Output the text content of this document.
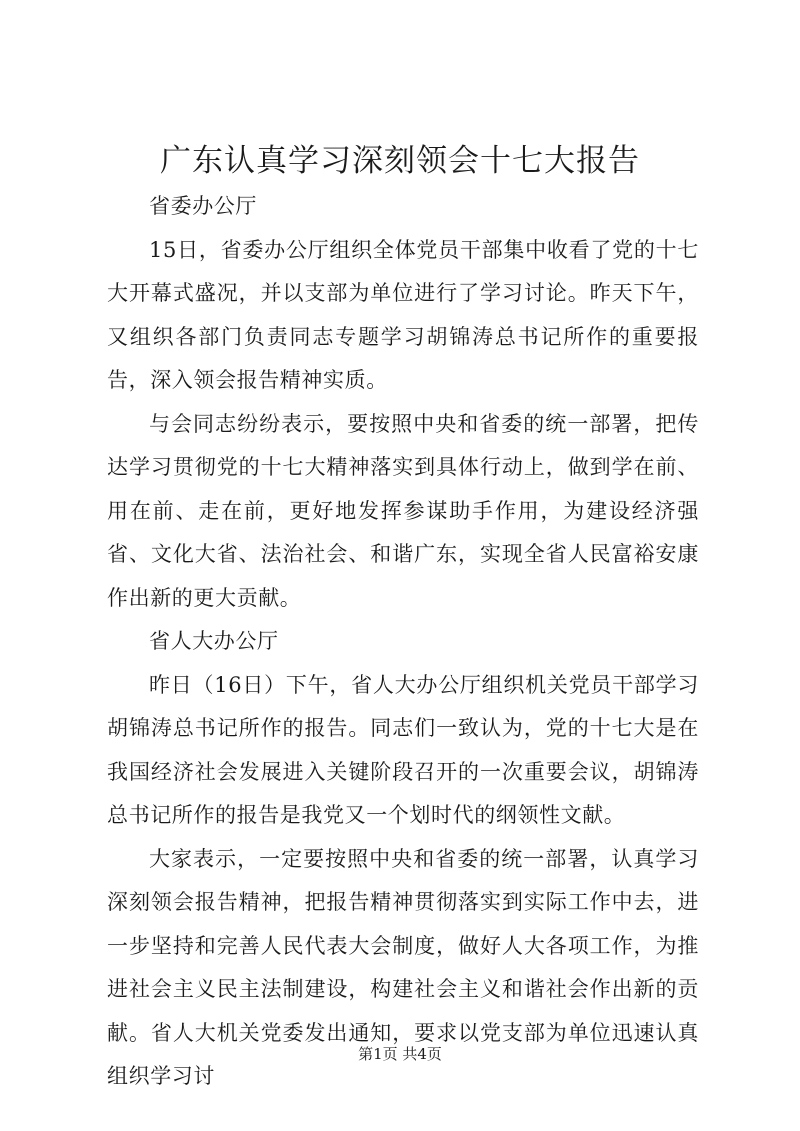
广东认真学习深刻领会十七大报告

省委办公厅

15日，省委办公厅组织全体党员干部集中收看了党的十七大开幕式盛况，并以支部为单位进行了学习讨论。昨天下午，又组织各部门负责同志专题学习胡锦涛总书记所作的重要报告，深入领会报告精神实质。

与会同志纷纷表示，要按照中央和省委的统一部署，把传达学习贯彻党的十七大精神落实到具体行动上，做到学在前、用在前、走在前，更好地发挥参谋助手作用，为建设经济强省、文化大省、法治社会、和谐广东，实现全省人民富裕安康作出新的更大贡献。

省人大办公厅

昨日（16日）下午，省人大办公厅组织机关党员干部学习胡锦涛总书记所作的报告。同志们一致认为，党的十七大是在我国经济社会发展进入关键阶段召开的一次重要会议，胡锦涛总书记所作的报告是我党又一个划时代的纲领性文献。

大家表示，一定要按照中央和省委的统一部署，认真学习深刻领会报告精神，把报告精神贯彻落实到实际工作中去，进一步坚持和完善人民代表大会制度，做好人大各项工作，为推进社会主义民主法制建设，构建社会主义和谐社会作出新的贡献。省人大机关党委发出通知，要求以党支部为单位迅速认真组织学习讨

第1页 共4页
